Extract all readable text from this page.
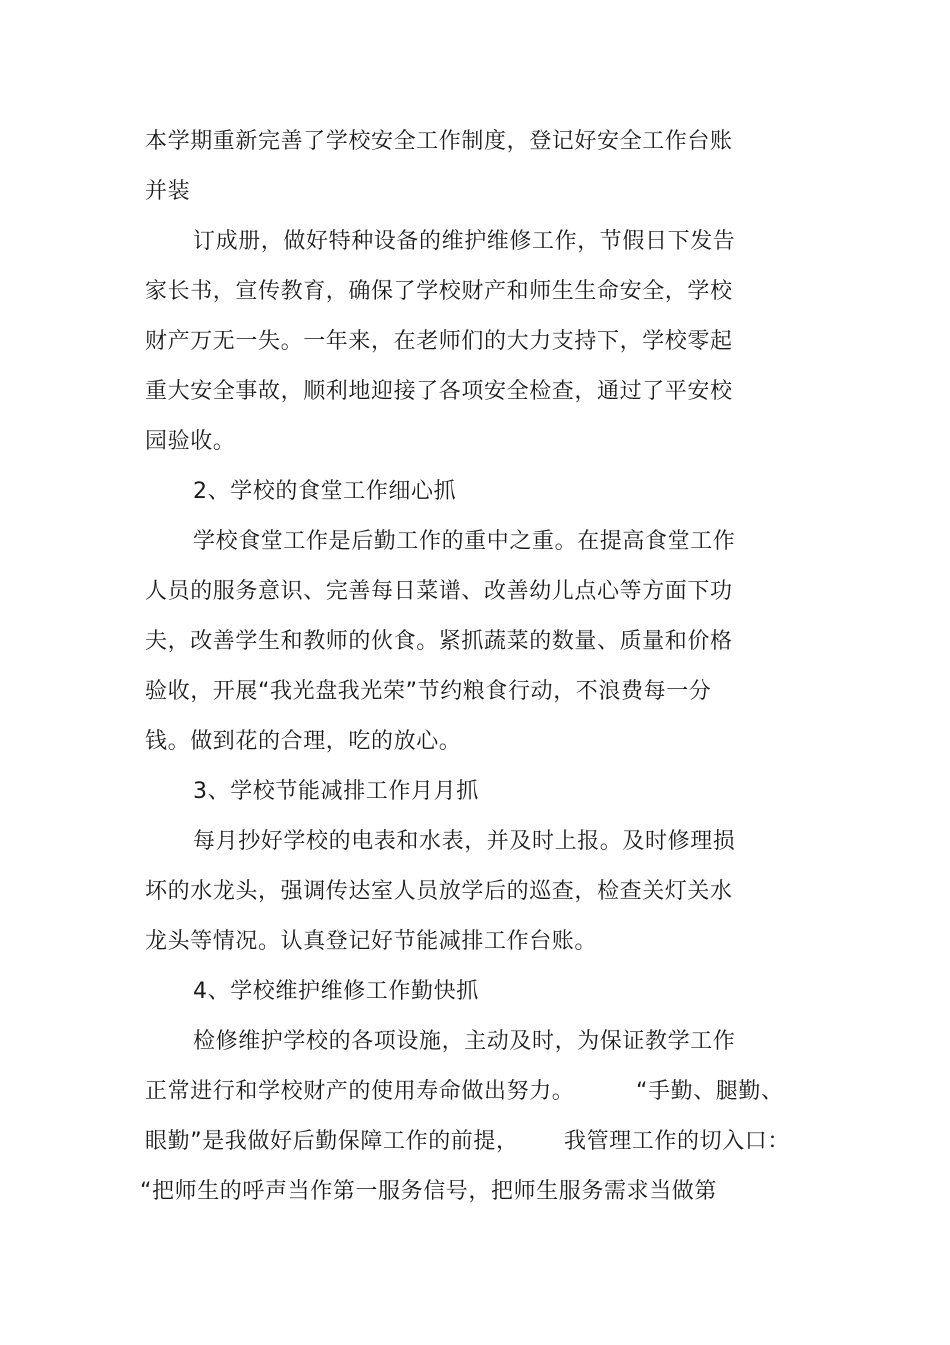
本学期重新完善了学校安全工作制度，登记好安全工作台账
并装
订成册，做好特种设备的维护维修工作，节假日下发告
家长书，宣传教育，确保了学校财产和师生生命安全，学校
财产万无一失。一年来，在老师们的大力支持下，学校零起
重大安全事故，顺利地迎接了各项安全检查，通过了平安校
园验收。
2、学校的食堂工作细心抓
学校食堂工作是后勤工作的重中之重。在提高食堂工作
人员的服务意识、完善每日菜谱、改善幼儿点心等方面下功
夫，改善学生和教师的伙食。紧抓蔬菜的数量、质量和价格
验收，开展“我光盘我光荣”节约粮食行动，不浪费每一分
钱。做到花的合理，吃的放心。
3、学校节能减排工作月月抓
每月抄好学校的电表和水表，并及时上报。及时修理损
坏的水龙头，强调传达室人员放学后的巡查，检查关灯关水
龙头等情况。认真登记好节能减排工作台账。
4、学校维护维修工作勤快抓
检修维护学校的各项设施，主动及时，为保证教学工作
正常进行和学校财产的使用寿命做出努力。	“手勤、腿勤、
眼勤”是我做好后勤保障工作的前提， 我管理工作的切入口：
“把师生的呼声当作第一服务信号，把师生服务需求当做第
